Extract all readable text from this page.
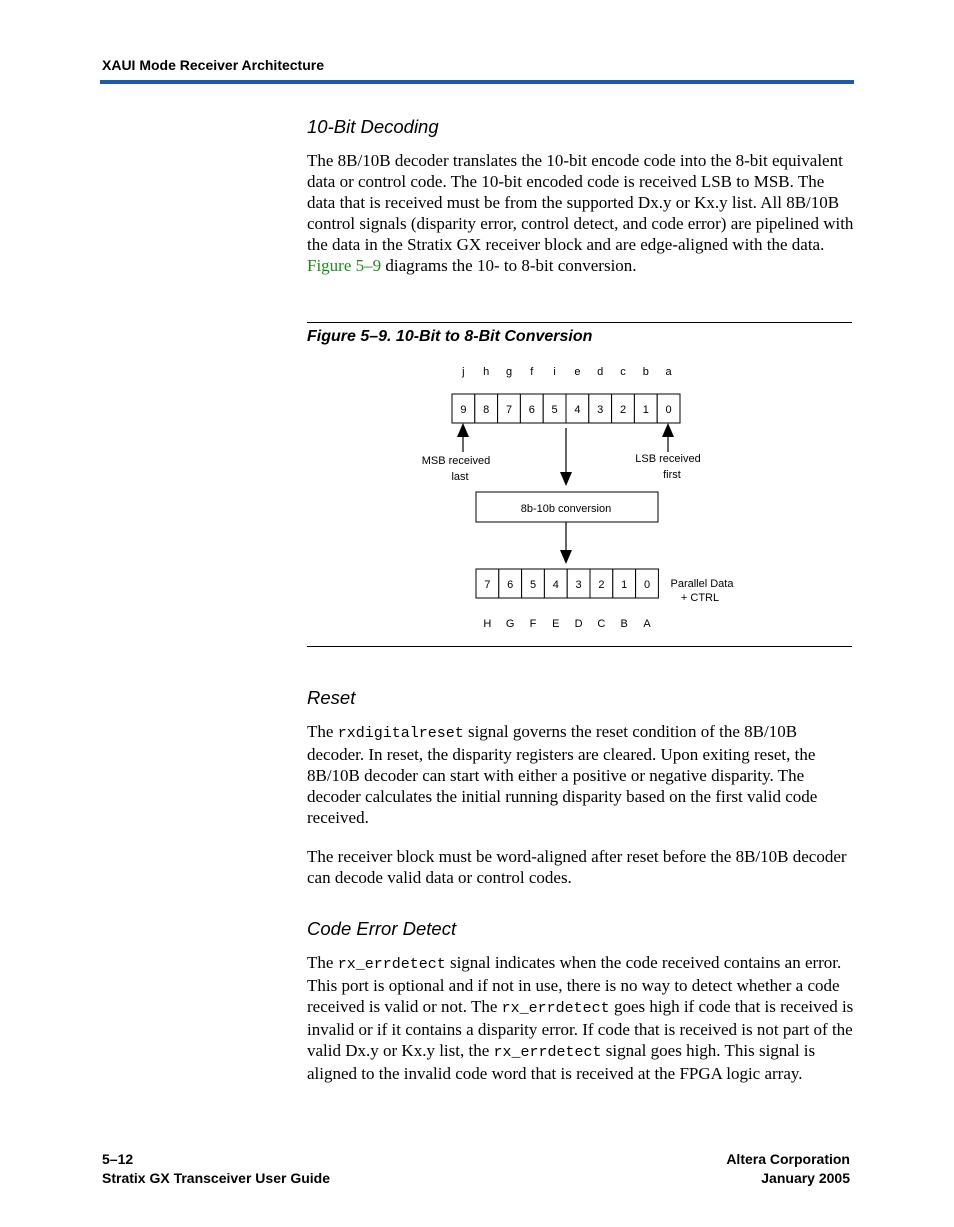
XAUI Mode Receiver Architecture
10-Bit Decoding

The 8B/10B decoder translates the 10-bit encode code into the 8-bit equivalent data or control code. The 10-bit encoded code is received LSB to MSB. The data that is received must be from the supported Dx.y or Kx.y list. All 8B/10B control signals (disparity error, control detect, and code error) are pipelined with the data in the Stratix GX receiver block and are edge-aligned with the data. Figure 5–9 diagrams the 10- to 8-bit conversion.

Figure 5–9. 10-Bit to 8-Bit Conversion
j h g f i e d c b a
9 8 7 6 5 4 3 2 1 0
MSB received
last
LSB received
first
8b-10b conversion
7 6 5 4 3 2 1 0
H G F E D C B A
Parallel Data
+ CTRL
Reset

The rxdigitalreset signal governs the reset condition of the 8B/10B decoder. In reset, the disparity registers are cleared. Upon exiting reset, the 8B/10B decoder can start with either a positive or negative disparity. The decoder calculates the initial running disparity based on the first valid code received.

The receiver block must be word-aligned after reset before the 8B/10B decoder can decode valid data or control codes.

Code Error Detect

The rx_errdetect signal indicates when the code received contains an error. This port is optional and if not in use, there is no way to detect whether a code received is valid or not. The rx_errdetect goes high if code that is received is invalid or if it contains a disparity error. If code that is received is not part of the valid Dx.y or Kx.y list, the rx_errdetect signal goes high. This signal is aligned to the invalid code word that is received at the FPGA logic array.

5–12
Stratix GX Transceiver User Guide
Altera Corporation
January 2005
